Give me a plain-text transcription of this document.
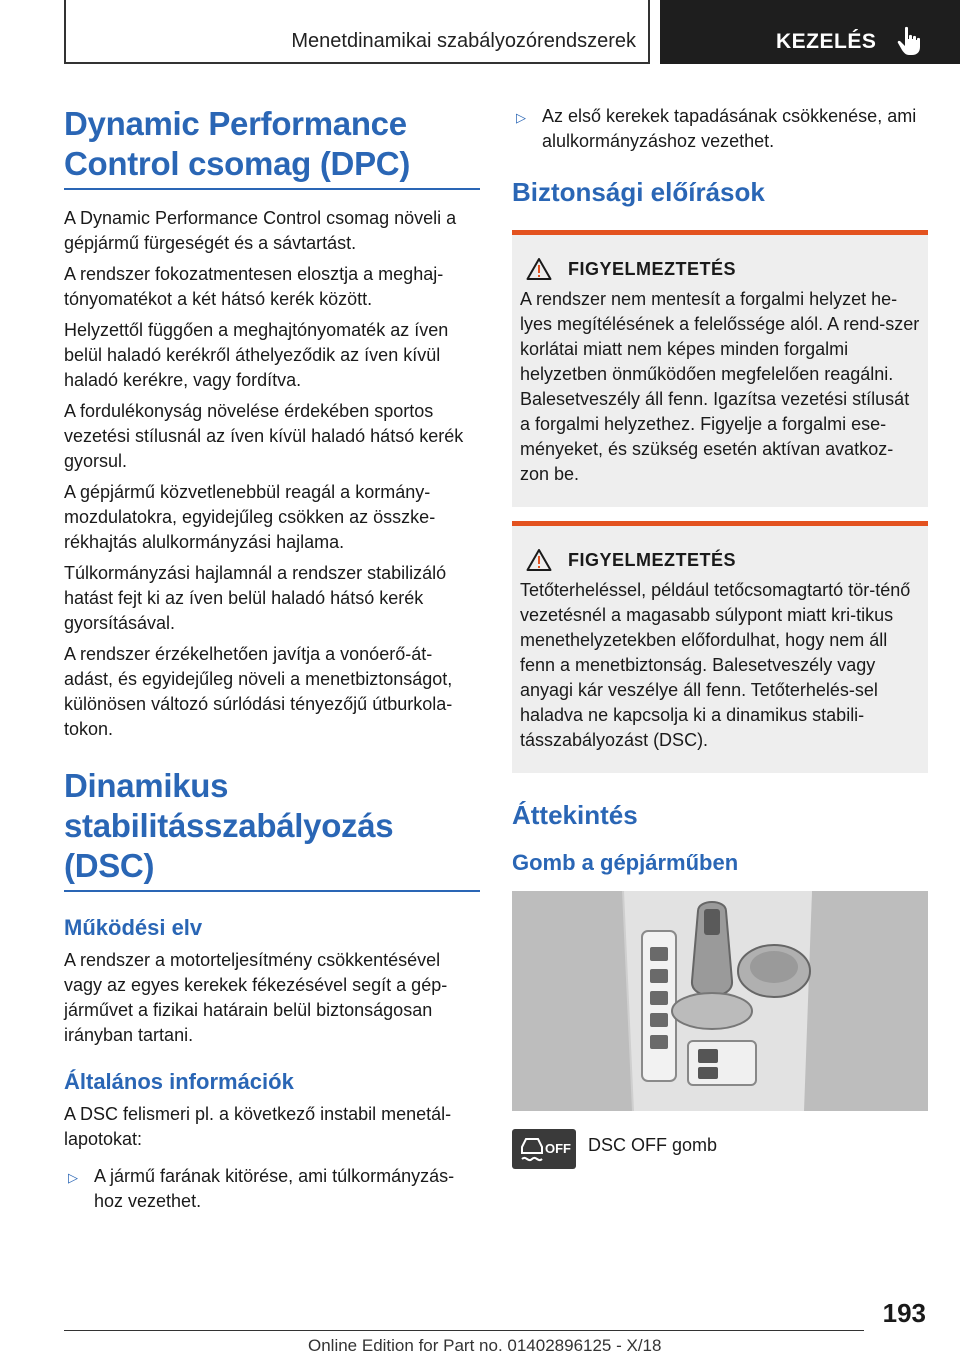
Menetdinamikai szabályozórendszerek	KEZELÉS
Dynamic Performance Control csomag (DPC)

A Dynamic Performance Control csomag növeli a gépjármű fürgeségét és a sávtartást.

A rendszer fokozatmentesen elosztja a meghaj-tónyomatékot a két hátsó kerék között.

Helyzettől függően a meghajtónyomaték az íven belül haladó kerékről áthelyeződik az íven kívül haladó kerékre, vagy fordítva.

A fordulékonyság növelése érdekében sportos vezetési stílusnál az íven kívül haladó hátsó kerék gyorsul.

A gépjármű közvetlenebbül reagál a kormány-mozdulatokra, egyidejűleg csökken az összke-rékhajtás alulkormányzási hajlama.

Túlkormányzási hajlamnál a rendszer stabilizáló hatást fejt ki az íven belül haladó hátsó kerék gyorsításával.

A rendszer érzékelhetően javítja a vonóerő-át-adást, és egyidejűleg növeli a menetbiztonságot, különösen változó súrlódási tényezőjű útburkola-tokon.

Dinamikus stabilitásszabályozás (DSC)
Működési elv

A rendszer a motorteljesítmény csökkentésével vagy az egyes kerekek fékezésével segít a gép-járművet a fizikai határain belül biztonságosan irányban tartani.

Általános információk

A DSC felismeri pl. a következő instabil menetál-lapotokat:

▷ A jármű farának kitörése, ami túlkormányzás-hoz vezethet.
▷ Az első kerekek tapadásának csökkenése, ami alulkormányzáshoz vezethet.
Biztonsági előírások
FIGYELMEZTETÉS

A rendszer nem mentesít a forgalmi helyzet he-lyes megítélésének a felelőssége alól. A rend-szer korlátai miatt nem képes minden forgalmi helyzetben önműködően megfelelően reagálni. Balesetveszély áll fenn. Igazítsa vezetési stílusát a forgalmi helyzethez. Figyelje a forgalmi ese-ményeket, és szükség esetén aktívan avatkoz-zon be.

FIGYELMEZTETÉS

Tetőterheléssel, például tetőcsomagtartó tör-ténő vezetésnél a magasabb súlypont miatt kri-tikus menethelyzetekben előfordulhat, hogy nem áll fenn a menetbiztonság. Balesetveszély vagy anyagi kár veszélye áll fenn. Tetőterhelés-sel haladva ne kapcsolja ki a dinamikus stabili-tásszabályozást (DSC).

Áttekintés
Gomb a gépjárműben
OFF DSC OFF gomb
193
Online Edition for Part no. 01402896125 - X/18
